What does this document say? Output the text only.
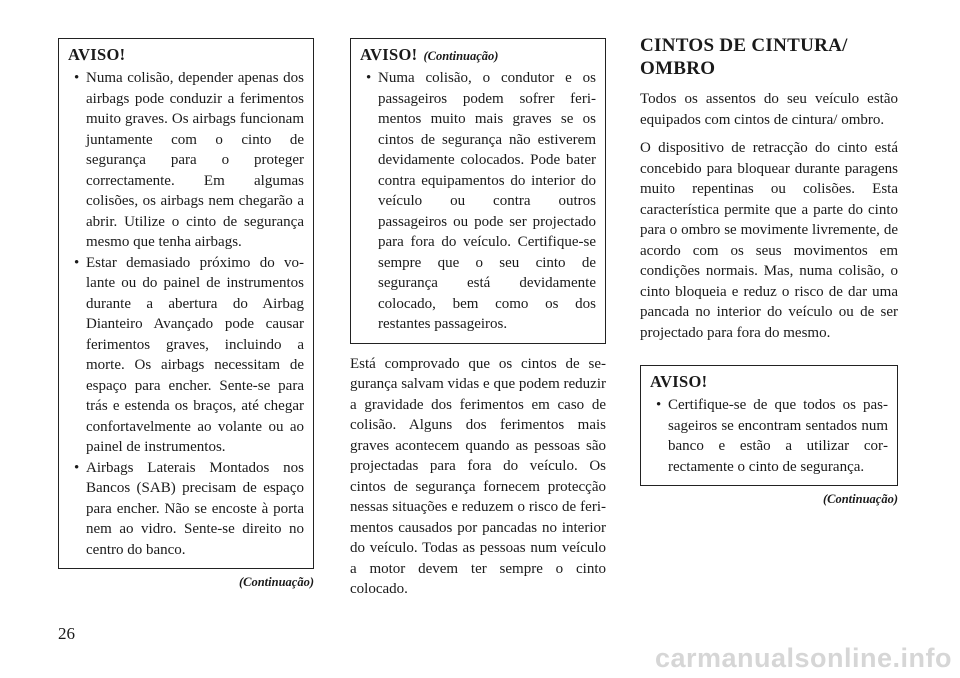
AVISO!
• Numa colisão, depender apenas dos airbags pode conduzir a ferimentos muito graves. Os airbags funcionam juntamente com o cinto de segurança para o proteger correctamente. Em algumas colisões, os airbags nem chegarão a abrir. Utilize o cinto de segurança mesmo que tenha airbags.
• Estar demasiado próximo do volante ou do painel de instrumentos durante a abertura do Airbag Dianteiro Avançado pode causar ferimentos graves, incluindo a morte. Os airbags necessitam de espaço para encher. Sente-se para trás e estenda os braços, até chegar confortavelmente ao volante ou ao painel de instrumentos.
• Airbags Laterais Montados nos Bancos (SAB) precisam de espaço para encher. Não se encoste à porta nem ao vidro. Sente-se direito no centro do banco.
(Continuação)
AVISO! (Continuação)
• Numa colisão, o condutor e os passageiros podem sofrer ferimentos muito mais graves se os cintos de segurança não estiverem devidamente colocados. Pode bater contra equipamentos do interior do veículo ou contra outros passageiros ou pode ser projectado para fora do veículo. Certifique-se sempre que o seu cinto de segurança está devidamente colocado, bem como os dos restantes passageiros.

Está comprovado que os cintos de segurança salvam vidas e que podem reduzir a gravidade dos ferimentos em caso de colisão. Alguns dos ferimentos mais graves acontecem quando as pessoas são projectadas para fora do veículo. Os cintos de segurança fornecem protecção nessas situações e reduzem o risco de ferimentos causados por pancadas no interior do veículo. Todas as pessoas num veículo a motor devem ter sempre o cinto colocado.

CINTOS DE CINTURA/
OMBRO

Todos os assentos do seu veículo estão equipados com cintos de cintura/ ombro.

O dispositivo de retracção do cinto está concebido para bloquear durante paragens muito repentinas ou colisões. Esta característica permite que a parte do cinto para o ombro se movimente livremente, de acordo com os seus movimentos em condições normais. Mas, numa colisão, o cinto bloqueia e reduz o risco de dar uma pancada no interior do veículo ou de ser projectado para fora do mesmo.

AVISO!
• Certifique-se de que todos os passageiros se encontram sentados num banco e estão a utilizar correctamente o cinto de segurança.
(Continuação)
26
carmanualsonline.info
